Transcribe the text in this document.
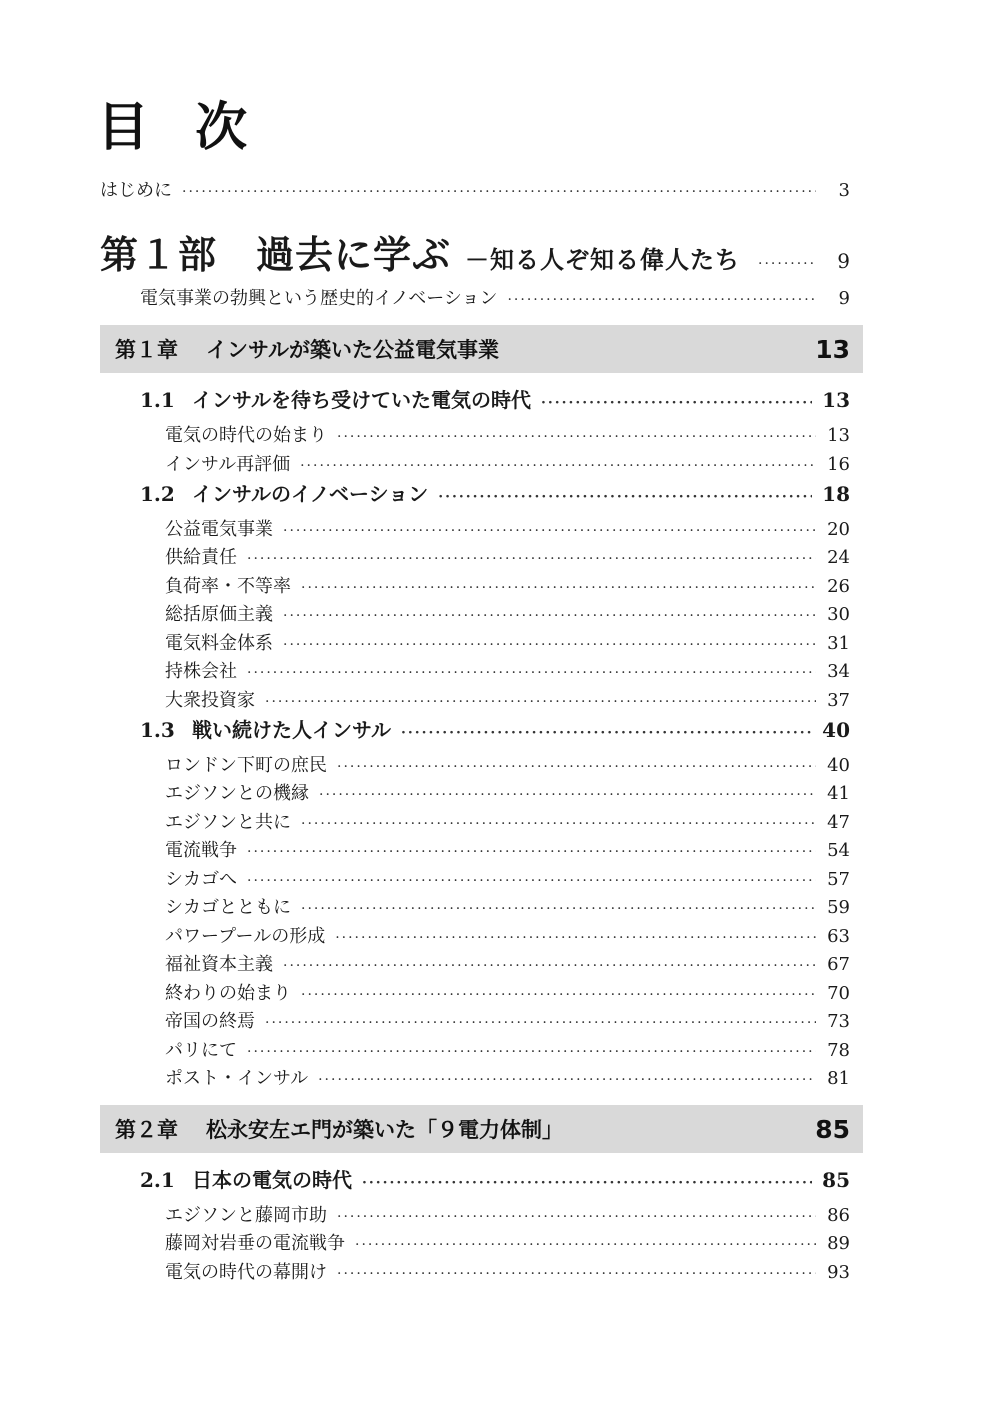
目 次
はじめに ·····	3
第１部　過去に学ぶ －知る人ぞ知る偉人たち ·····	9
電気事業の勃興という歴史的イノベーション ·····	9
第１章 インサルが築いた公益電気事業	13
1.1 インサルを待ち受けていた電気の時代 ·····	13
電気の時代の始まり ·····	13
インサル再評価 ·····	16
1.2 インサルのイノベーション ·····	18
公益電気事業 ·····	20
供給責任 ·····	24
負荷率・不等率 ·····	26
総括原価主義 ·····	30
電気料金体系 ·····	31
持株会社 ·····	34
大衆投資家 ·····	37
1.3 戦い続けた人インサル ·····	40
ロンドン下町の庶民 ·····	40
エジソンとの機縁 ·····	41
エジソンと共に ·····	47
電流戦争 ·····	54
シカゴへ ·····	57
シカゴとともに ·····	59
パワープールの形成 ·····	63
福祉資本主義 ·····	67
終わりの始まり ·····	70
帝国の終焉 ·····	73
パリにて ·····	78
ポスト・インサル ·····	81
第２章 松永安左エ門が築いた「９電力体制」	85
2.1 日本の電気の時代 ·····	85
エジソンと藤岡市助 ·····	86
藤岡対岩垂の電流戦争 ·····	89
電気の時代の幕開け ·····	93
